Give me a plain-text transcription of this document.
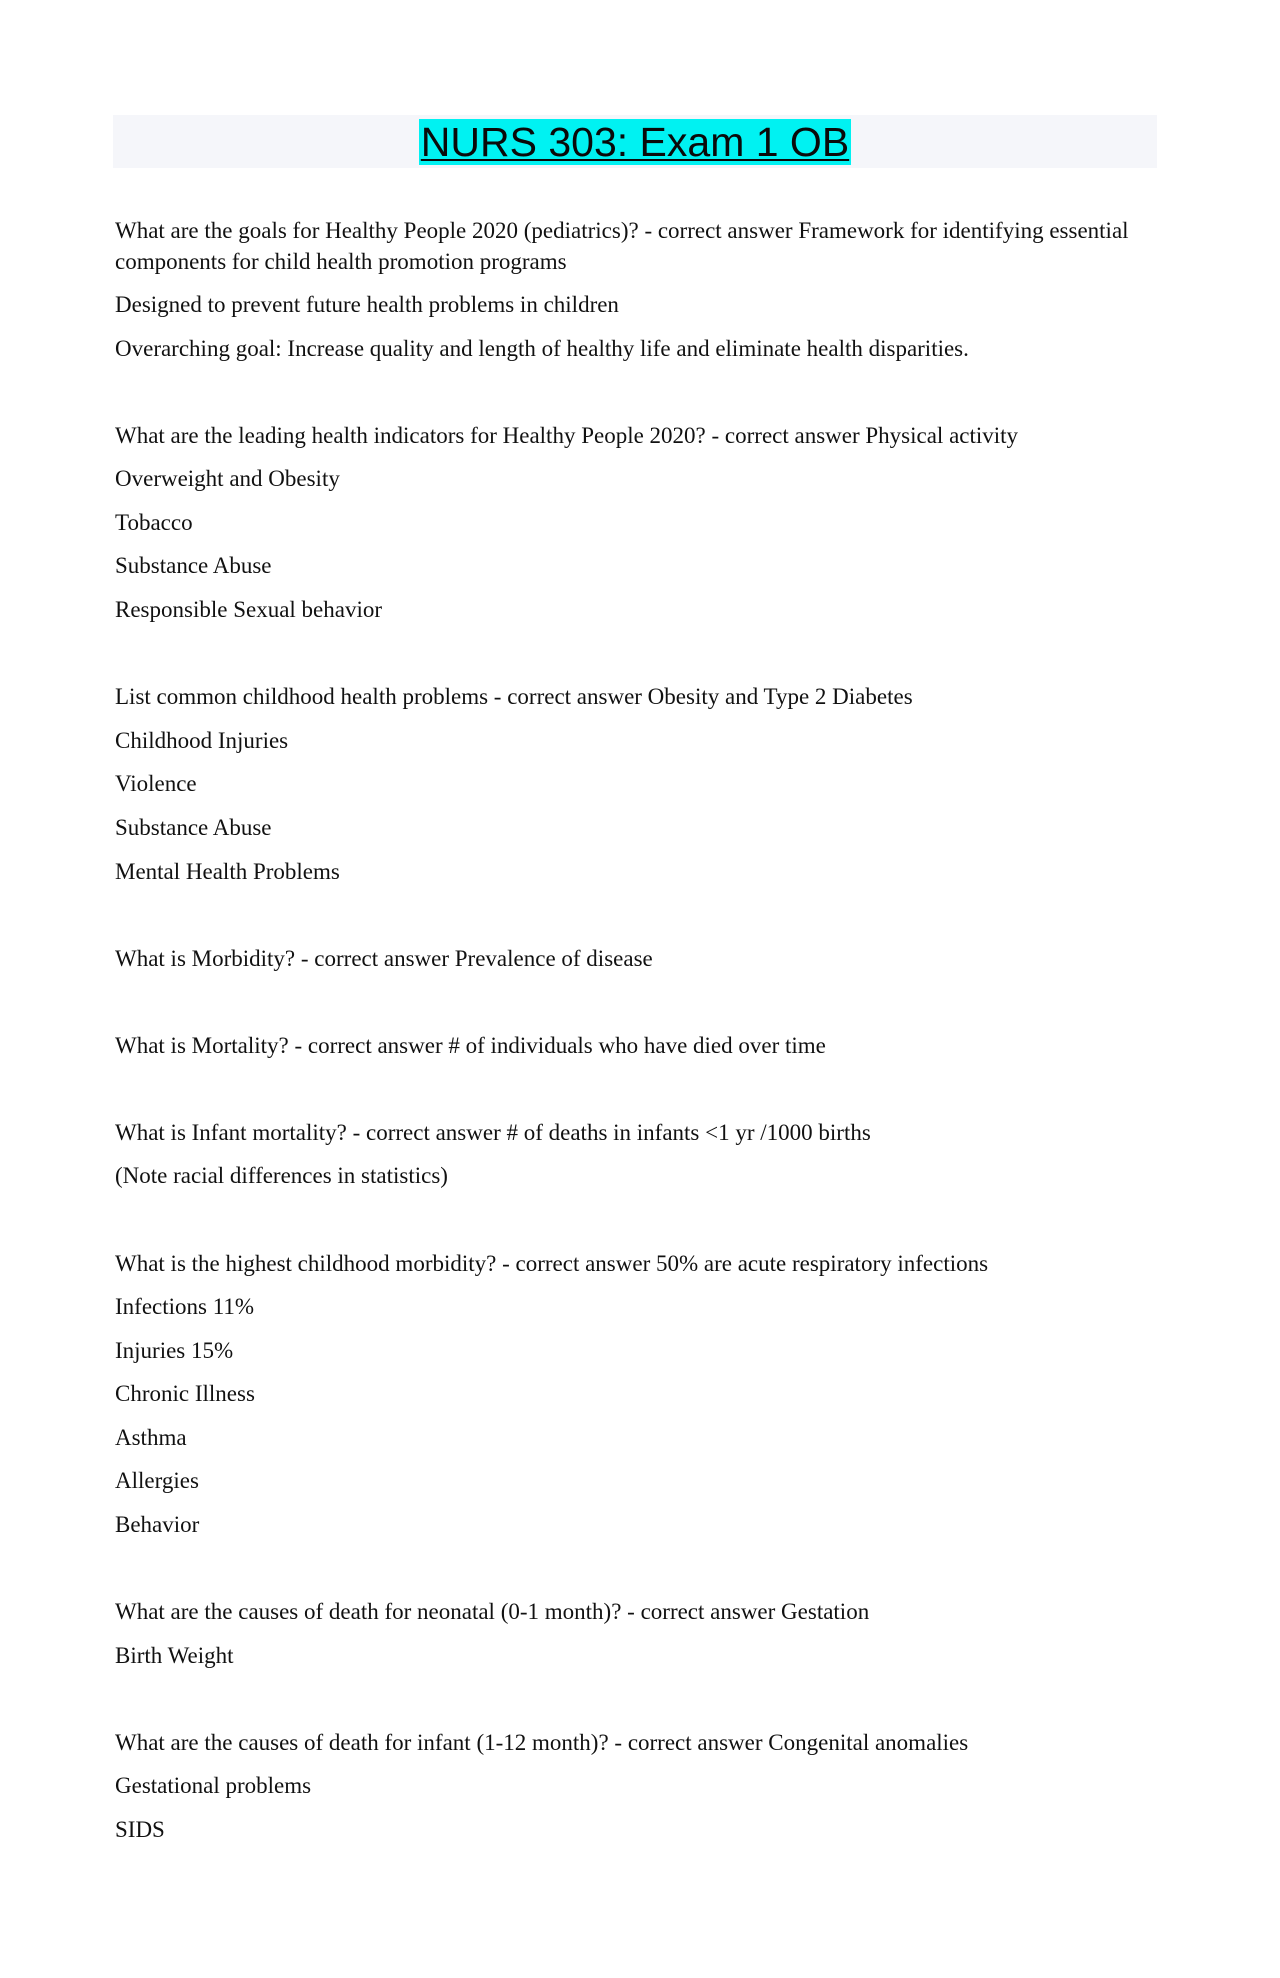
NURS 303: Exam 1 OB
What are the goals for Healthy People 2020 (pediatrics)? - correct answer Framework for identifying essential components for child health promotion programs
Designed to prevent future health problems in children
Overarching goal: Increase quality and length of healthy life and eliminate health disparities.
What are the leading health indicators for Healthy People 2020? - correct answer Physical activity
Overweight and Obesity
Tobacco
Substance Abuse
Responsible Sexual behavior
List common childhood health problems - correct answer Obesity and Type 2 Diabetes
Childhood Injuries
Violence
Substance Abuse
Mental Health Problems
What is Morbidity? - correct answer Prevalence of disease
What is Mortality? - correct answer # of individuals who have died over time
What is Infant mortality? - correct answer # of deaths in infants <1 yr /1000 births
(Note racial differences in statistics)
What is the highest childhood morbidity? - correct answer 50% are acute respiratory infections
Infections 11%
Injuries 15%
Chronic Illness
Asthma
Allergies
Behavior
What are the causes of death for neonatal (0-1 month)? - correct answer Gestation
Birth Weight
What are the causes of death for infant (1-12 month)? - correct answer Congenital anomalies
Gestational problems
SIDS
